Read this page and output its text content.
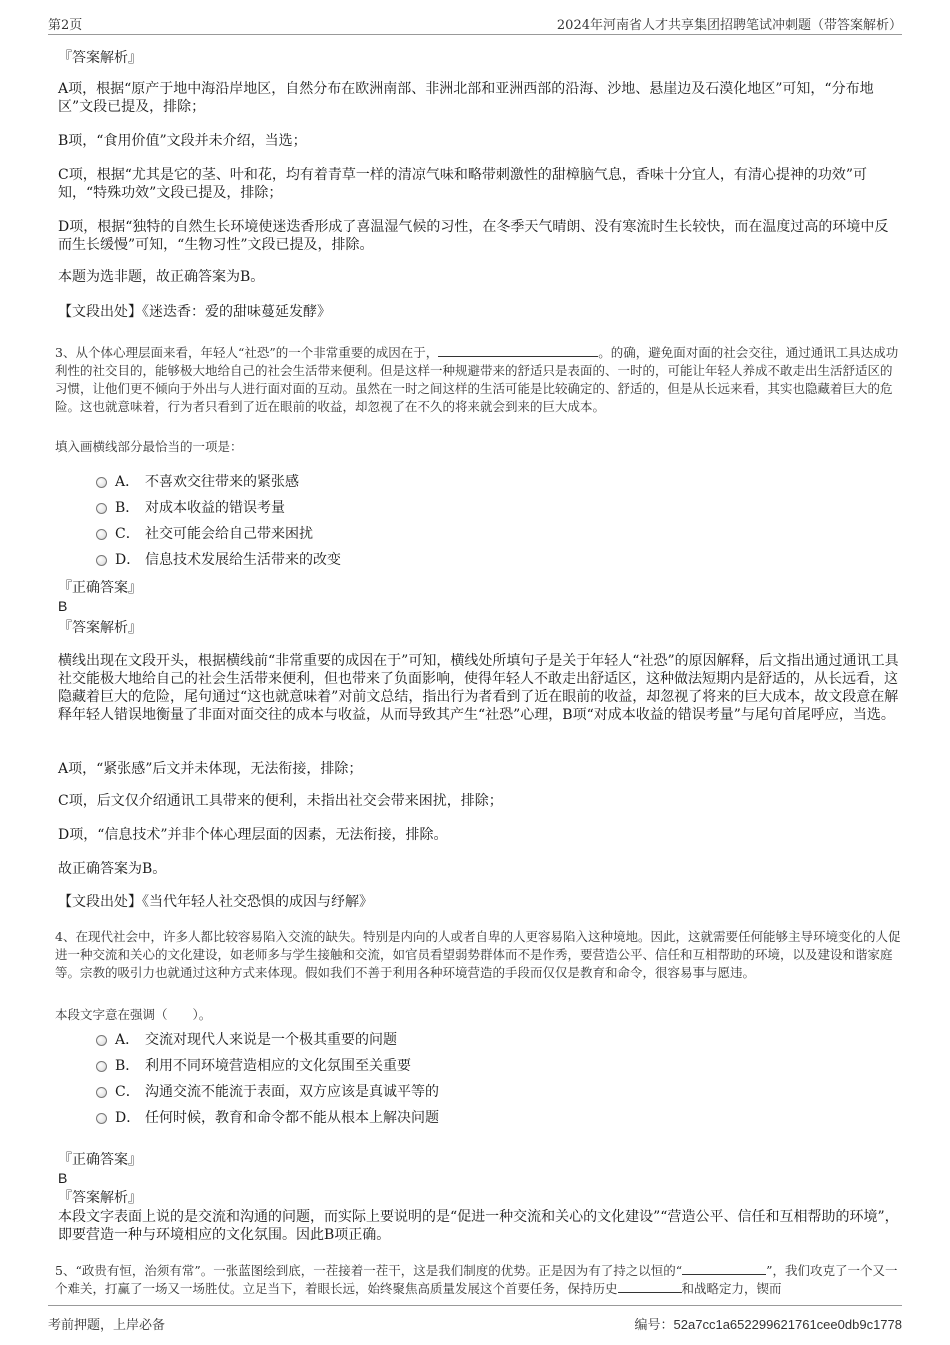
第2页	2024年河南省人才共享集团招聘笔试冲刺题（带答案解析）
『答案解析』

A项，根据“原产于地中海沿岸地区，自然分布在欧洲南部、非洲北部和亚洲西部的沿海、沙地、悬崖边及石漠化地区”可知，“分布地区”文段已提及，排除；

B项，“食用价值”文段并未介绍，当选；

C项，根据“尤其是它的茎、叶和花，均有着青草一样的清凉气味和略带刺激性的甜樟脑气息，香味十分宜人，有清心提神的功效”可知，“特殊功效”文段已提及，排除；

D项，根据“独特的自然生长环境使迷迭香形成了喜温湿气候的习性，在冬季天气晴朗、没有寒流时生长较快，而在温度过高的环境中反而生长缓慢”可知，“生物习性”文段已提及，排除。

本题为选非题，故正确答案为B。

【文段出处】《迷迭香：爱的甜味蔓延发酵》

3、从个体心理层面来看，年轻人“社恐”的一个非常重要的成因在于，	。的确，避免面对面的社会交往，通过通讯工具达成功利性的社交目的，能够极大地给自己的社会生活带来便利。但是这样一种规避带来的舒适只是表面的、一时的，可能让年轻人养成不敢走出生活舒适区的习惯，让他们更不倾向于外出与人进行面对面的互动。虽然在一时之间这样的生活可能是比较确定的、舒适的，但是从长远来看，其实也隐藏着巨大的危险。这也就意味着，行为者只看到了近在眼前的收益，却忽视了在不久的将来就会到来的巨大成本。

填入画横线部分最恰当的一项是：

A． 不喜欢交往带来的紧张感
B． 对成本收益的错误考量
C． 社交可能会给自己带来困扰
D． 信息技术发展给生活带来的改变
『正确答案』
B
『答案解析』

横线出现在文段开头，根据横线前“非常重要的成因在于”可知，横线处所填句子是关于年轻人“社恐”的原因解释，后文指出通过通讯工具社交能极大地给自己的社会生活带来便利，但也带来了负面影响，使得年轻人不敢走出舒适区，这种做法短期内是舒适的，从长远看，这隐藏着巨大的危险，尾句通过“这也就意味着”对前文总结，指出行为者看到了近在眼前的收益，却忽视了将来的巨大成本，故文段意在解释年轻人错误地衡量了非面对面交往的成本与收益，从而导致其产生“社恐”心理，B项“对成本收益的错误考量”与尾句首尾呼应，当选。

A项，“紧张感”后文并未体现，无法衔接，排除；

C项，后文仅介绍通讯工具带来的便利，未指出社交会带来困扰，排除；

D项，“信息技术”并非个体心理层面的因素，无法衔接，排除。

故正确答案为B。

【文段出处】《当代年轻人社交恐惧的成因与纾解》

4、在现代社会中，许多人都比较容易陷入交流的缺失。特别是内向的人或者自卑的人更容易陷入这种境地。因此，这就需要任何能够主导环境变化的人促进一种交流和关心的文化建设，如老师多与学生接触和交流，如官员看望弱势群体而不是作秀，要营造公平、信任和互相帮助的环境，以及建设和谐家庭等。宗教的吸引力也就通过这种方式来体现。假如我们不善于利用各种环境营造的手段而仅仅是教育和命令，很容易事与愿违。

本段文字意在强调（　　）。

A． 交流对现代人来说是一个极其重要的问题
B． 利用不同环境营造相应的文化氛围至关重要
C． 沟通交流不能流于表面，双方应该是真诚平等的
D． 任何时候，教育和命令都不能从根本上解决问题
『正确答案』
B
『答案解析』

本段文字表面上说的是交流和沟通的问题，而实际上要说明的是“促进一种交流和关心的文化建设”“营造公平、信任和互相帮助的环境”，即要营造一种与环境相应的文化氛围。因此B项正确。

5、“政贵有恒，治须有常”。一张蓝图绘到底，一茬接着一茬干，这是我们制度的优势。正是因为有了持之以恒的“	”，我们攻克了一个又一个难关，打赢了一场又一场胜仗。立足当下，着眼长远，始终聚焦高质量发展这个首要任务，保持历史	和战略定力，锲而

考前押题，上岸必备	编号：52a7cc1a652299621761cee0db9c1778
